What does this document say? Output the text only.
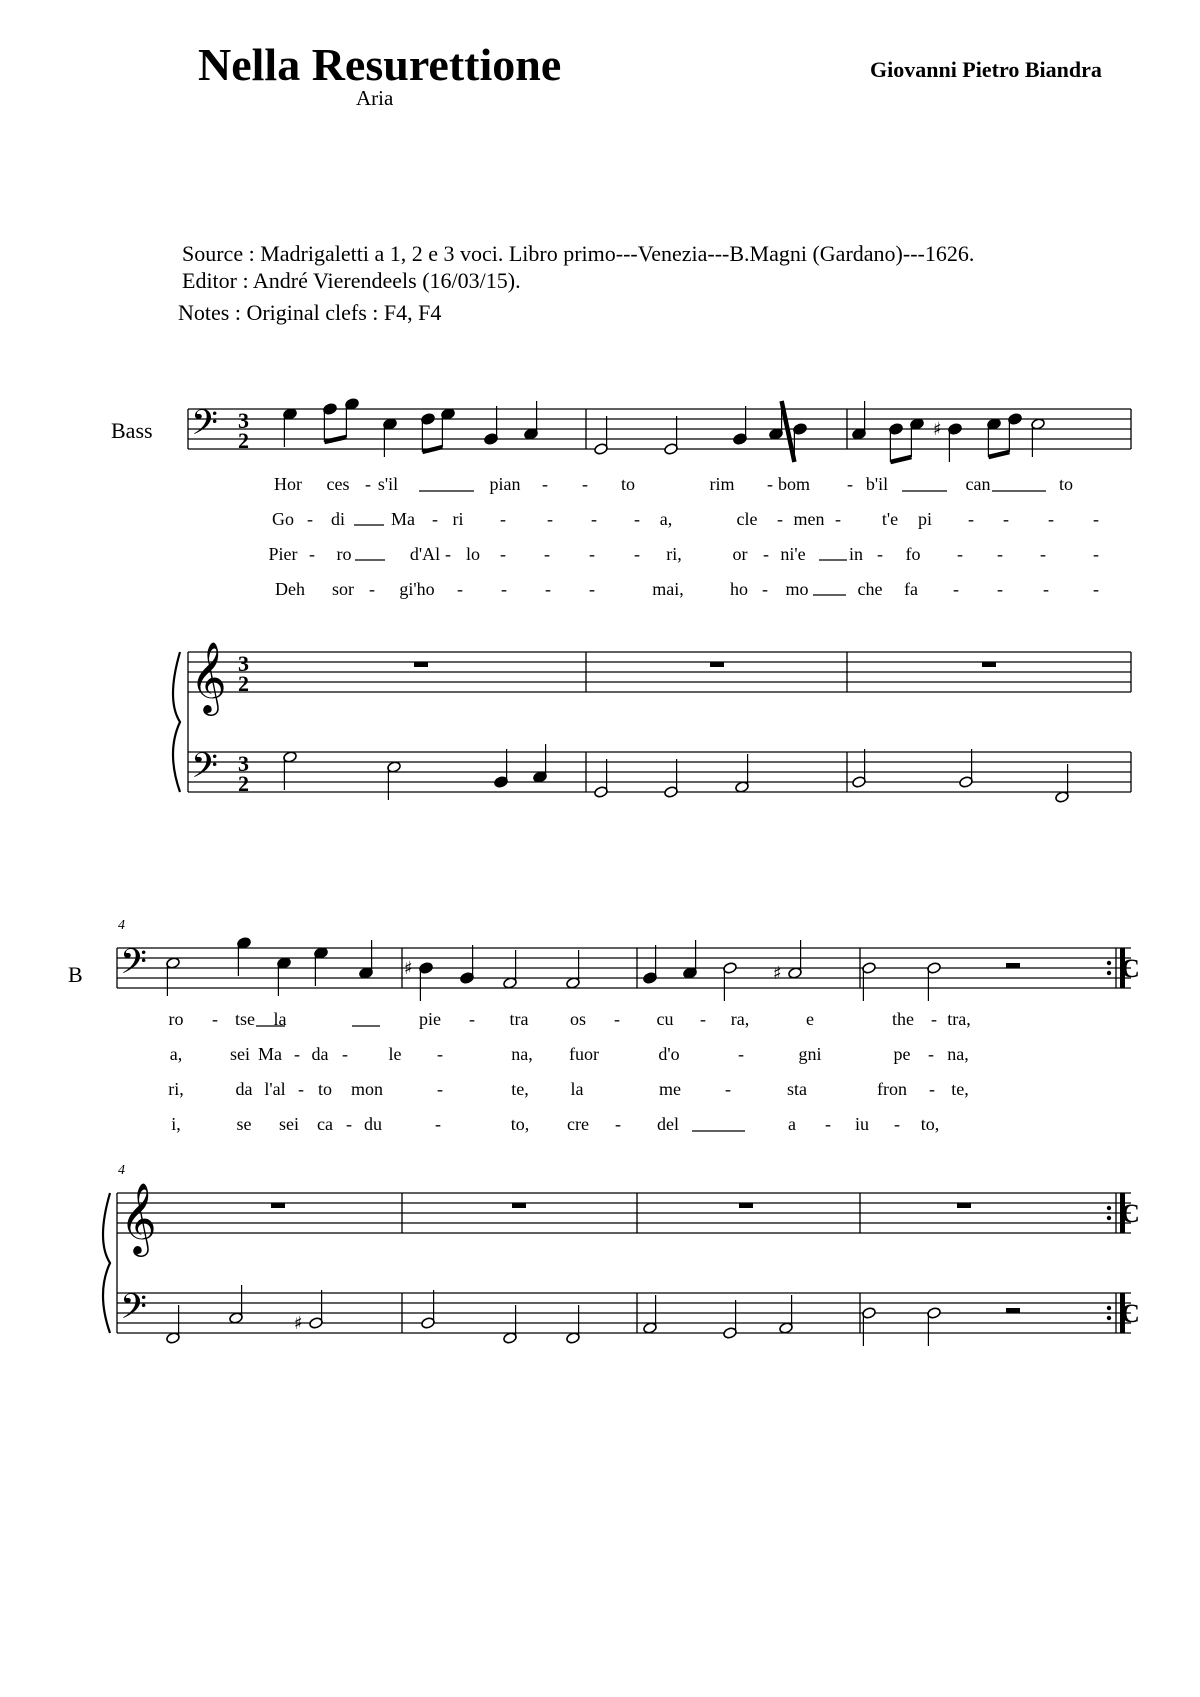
Nella Resurettione
Aria
Giovanni Pietro Biandra
Source : Madrigaletti a 1, 2 e 3 voci. Libro primo---Venezia---B.Magni (Gardano)---1626.
Editor : André Vierendeels (16/03/15).
Notes : Original clefs : F4, F4
Bass
B
4
4
𝄢 3
2	♯
Hor ces - s'il	pian - - to	rim - bom - b'il	can	to
Go - di	Ma - ri - - - - a,	cle - men - t'e pi - - - -
Pier - ro	d'Al - lo - - - - ri,	or - ni'e in - fo - - -	-
Deh sor - gi'ho - - - -	mai,	ho - mo	che fa - - - -
𝄞 3
2
𝄢 3
2
𝄢	C
♯	♯
ro - tse la	pie - tra os - cu - ra,	e	the - tra,
a,	sei Ma - da - le -	na, fuor	d'o	-	gni	pe - na,
ri,	da l'al - to mon	-	te, la	me -	sta	fron - te,
i,	se sei ca - du	-	to, cre - del	a - iu - to,
𝄞	C
𝄢	C
♯
